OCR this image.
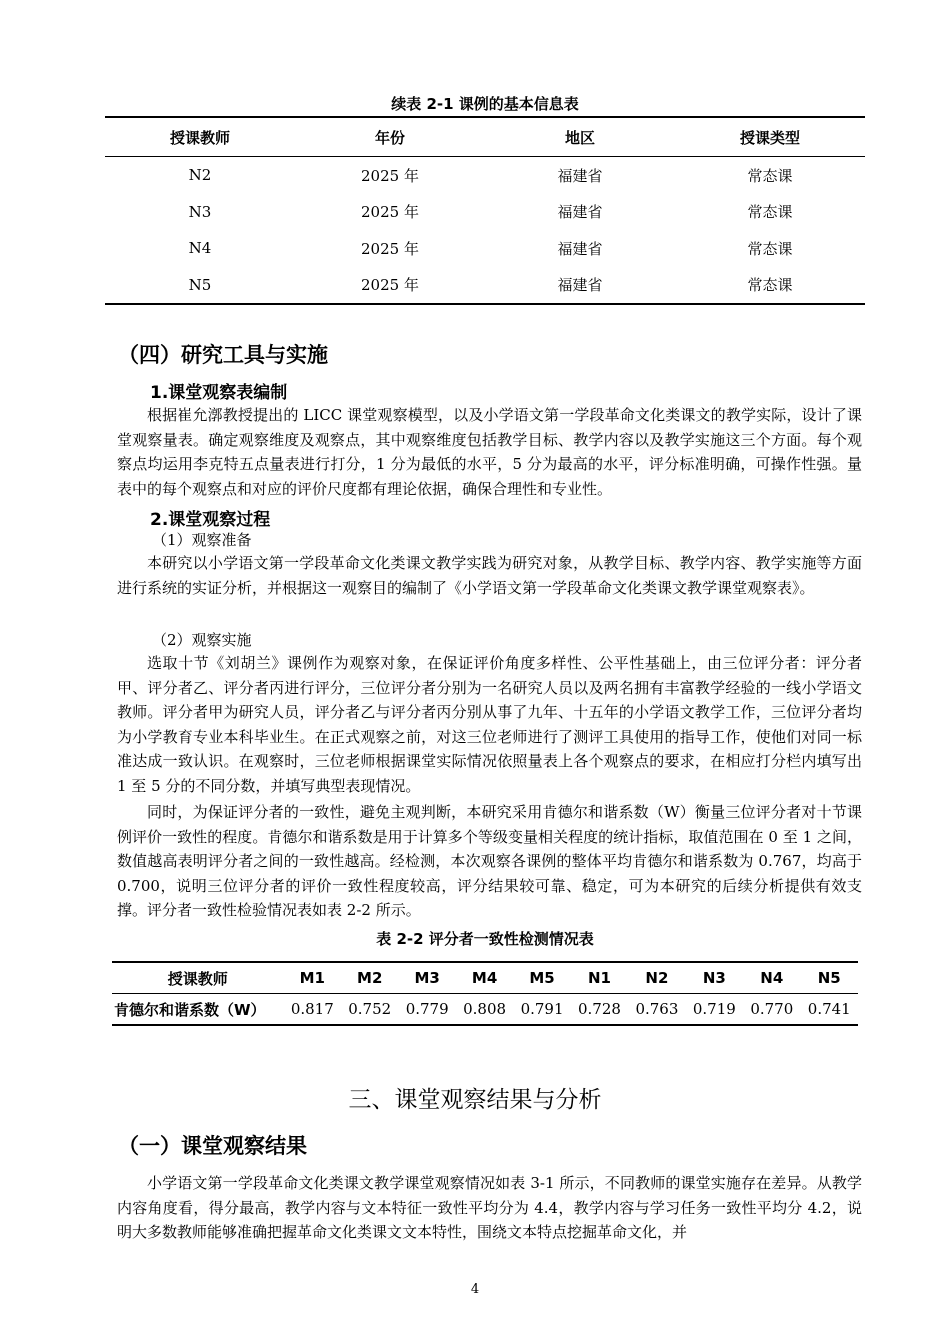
续表 2-1 课例的基本信息表
授课教师	年份	地区	授课类型
N2	2025 年	福建省	常态课
N3	2025 年	福建省	常态课
N4	2025 年	福建省	常态课
N5	2025 年	福建省	常态课
（四）研究工具与实施
1.课堂观察表编制

根据崔允漷教授提出的 LICC 课堂观察模型，以及小学语文第一学段革命文化类课文的教学实际，设计了课堂观察量表。确定观察维度及观察点，其中观察维度包括教学目标、教学内容以及教学实施这三个方面。每个观察点均运用李克特五点量表进行打分，1 分为最低的水平，5 分为最高的水平，评分标准明确，可操作性强。量表中的每个观察点和对应的评价尺度都有理论依据，确保合理性和专业性。

2.课堂观察过程
（1）观察准备

本研究以小学语文第一学段革命文化类课文教学实践为研究对象，从教学目标、教学内容、教学实施等方面进行系统的实证分析，并根据这一观察目的编制了《小学语文第一学段革命文化类课文教学课堂观察表》。

（2）观察实施

选取十节《刘胡兰》课例作为观察对象，在保证评价角度多样性、公平性基础上，由三位评分者：评分者甲、评分者乙、评分者丙进行评分，三位评分者分别为一名研究人员以及两名拥有丰富教学经验的一线小学语文教师。评分者甲为研究人员，评分者乙与评分者丙分别从事了九年、十五年的小学语文教学工作，三位评分者均为小学教育专业本科毕业生。在正式观察之前，对这三位老师进行了测评工具使用的指导工作，使他们对同一标准达成一致认识。在观察时，三位老师根据课堂实际情况依照量表上各个观察点的要求，在相应打分栏内填写出 1 至 5 分的不同分数，并填写典型表现情况。

同时，为保证评分者的一致性，避免主观判断，本研究采用肯德尔和谐系数（W）衡量三位评分者对十节课例评价一致性的程度。肯德尔和谐系数是用于计算多个等级变量相关程度的统计指标，取值范围在 0 至 1 之间，数值越高表明评分者之间的一致性越高。经检测，本次观察各课例的整体平均肯德尔和谐系数为 0.767，均高于 0.700，说明三位评分者的评价一致性程度较高，评分结果较可靠、稳定，可为本研究的后续分析提供有效支撑。评分者一致性检验情况表如表 2-2 所示。

表 2-2 评分者一致性检测情况表
授课教师	M1	M2	M3	M4	M5	N1	N2	N3	N4	N5
肯德尔和谐系数（W）	0.817	0.752	0.779	0.808	0.791	0.728	0.763	0.719	0.770	0.741
三、课堂观察结果与分析
（一）课堂观察结果

小学语文第一学段革命文化类课文教学课堂观察情况如表 3-1 所示，不同教师的课堂实施存在差异。从教学内容角度看，得分最高，教学内容与文本特征一致性平均分为 4.4，教学内容与学习任务一致性平均分 4.2，说明大多数教师能够准确把握革命文化类课文文本特性，围绕文本特点挖掘革命文化，并

4
